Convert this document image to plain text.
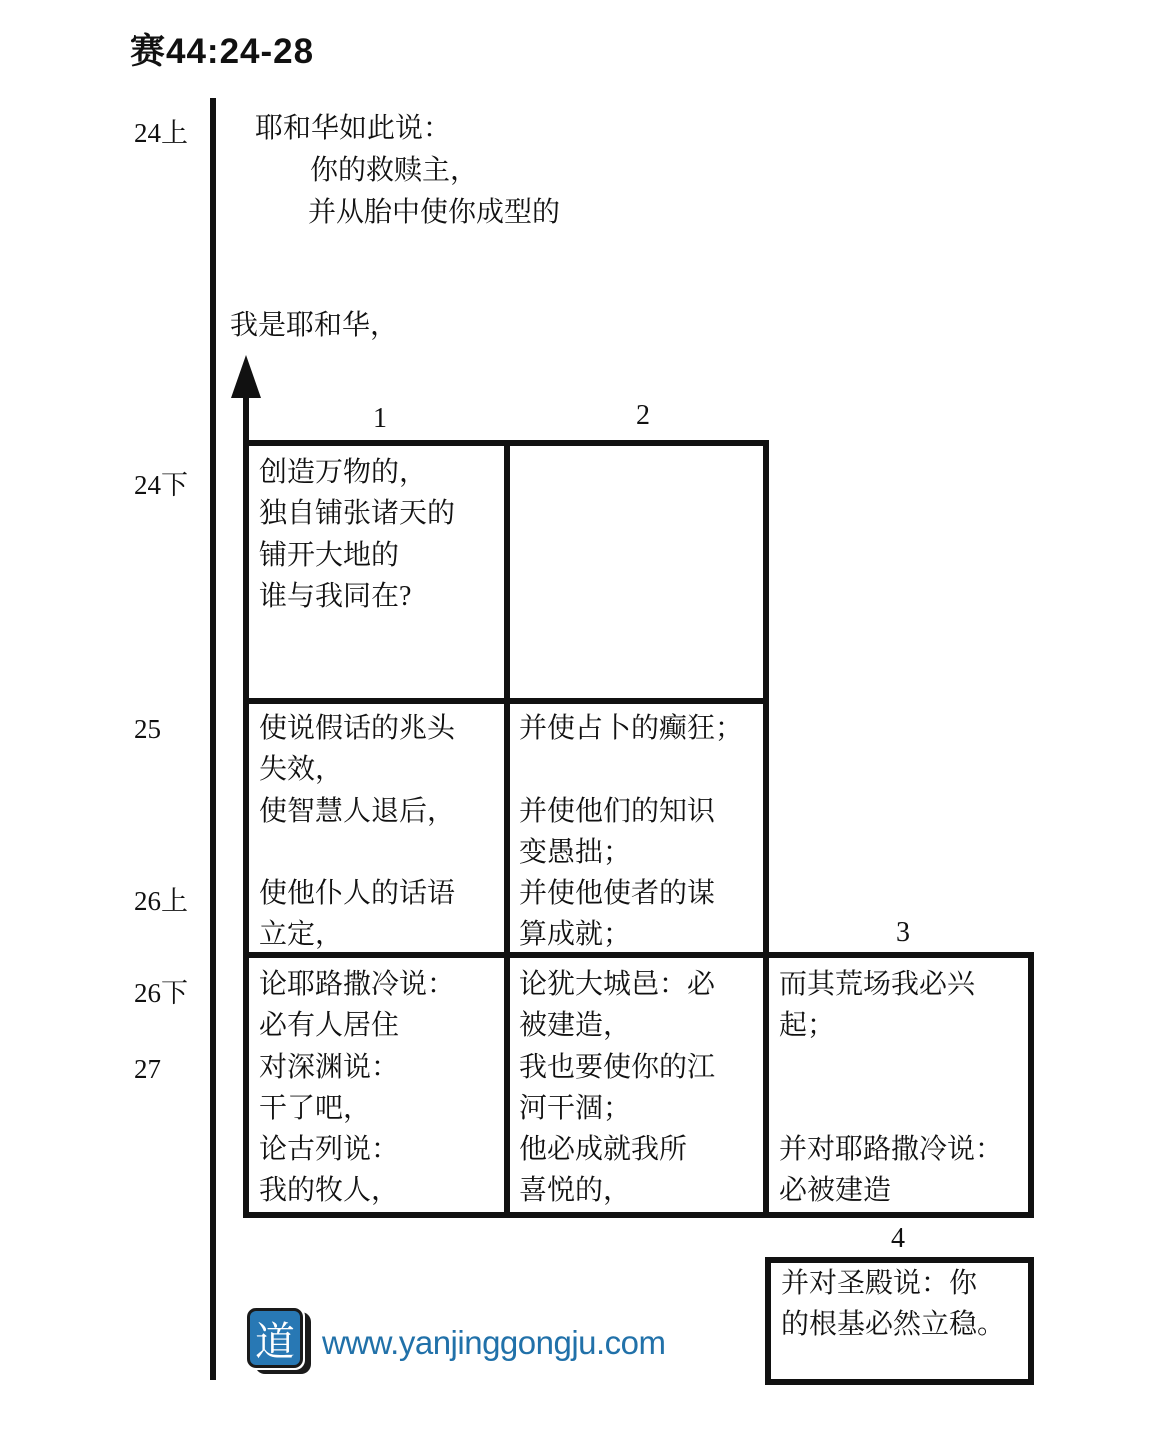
赛44:24-28
24上
24下
25
26上
26下
27
耶和华如此说：
你的救赎主，
并从胎中使你成型的
我是耶和华，
1	2
3
4
创造万物的，
独自铺张诸天的
铺开大地的
谁与我同在?
使说假话的兆头
失效，
使智慧人退后，

使他仆人的话语
立定，
并使占卜的癫狂；

并使他们的知识
变愚拙；
并使他使者的谋
算成就；
论耶路撒冷说：
必有人居住
对深渊说：
干了吧，
论古列说：
我的牧人，
论犹大城邑：必
被建造，
我也要使你的江
河干涸；
他必成就我所
喜悦的，
而其荒场我必兴
起；

并对耶路撒冷说：
必被建造
并对圣殿说：你
的根基必然立稳。
道 www.yanjinggongju.com
